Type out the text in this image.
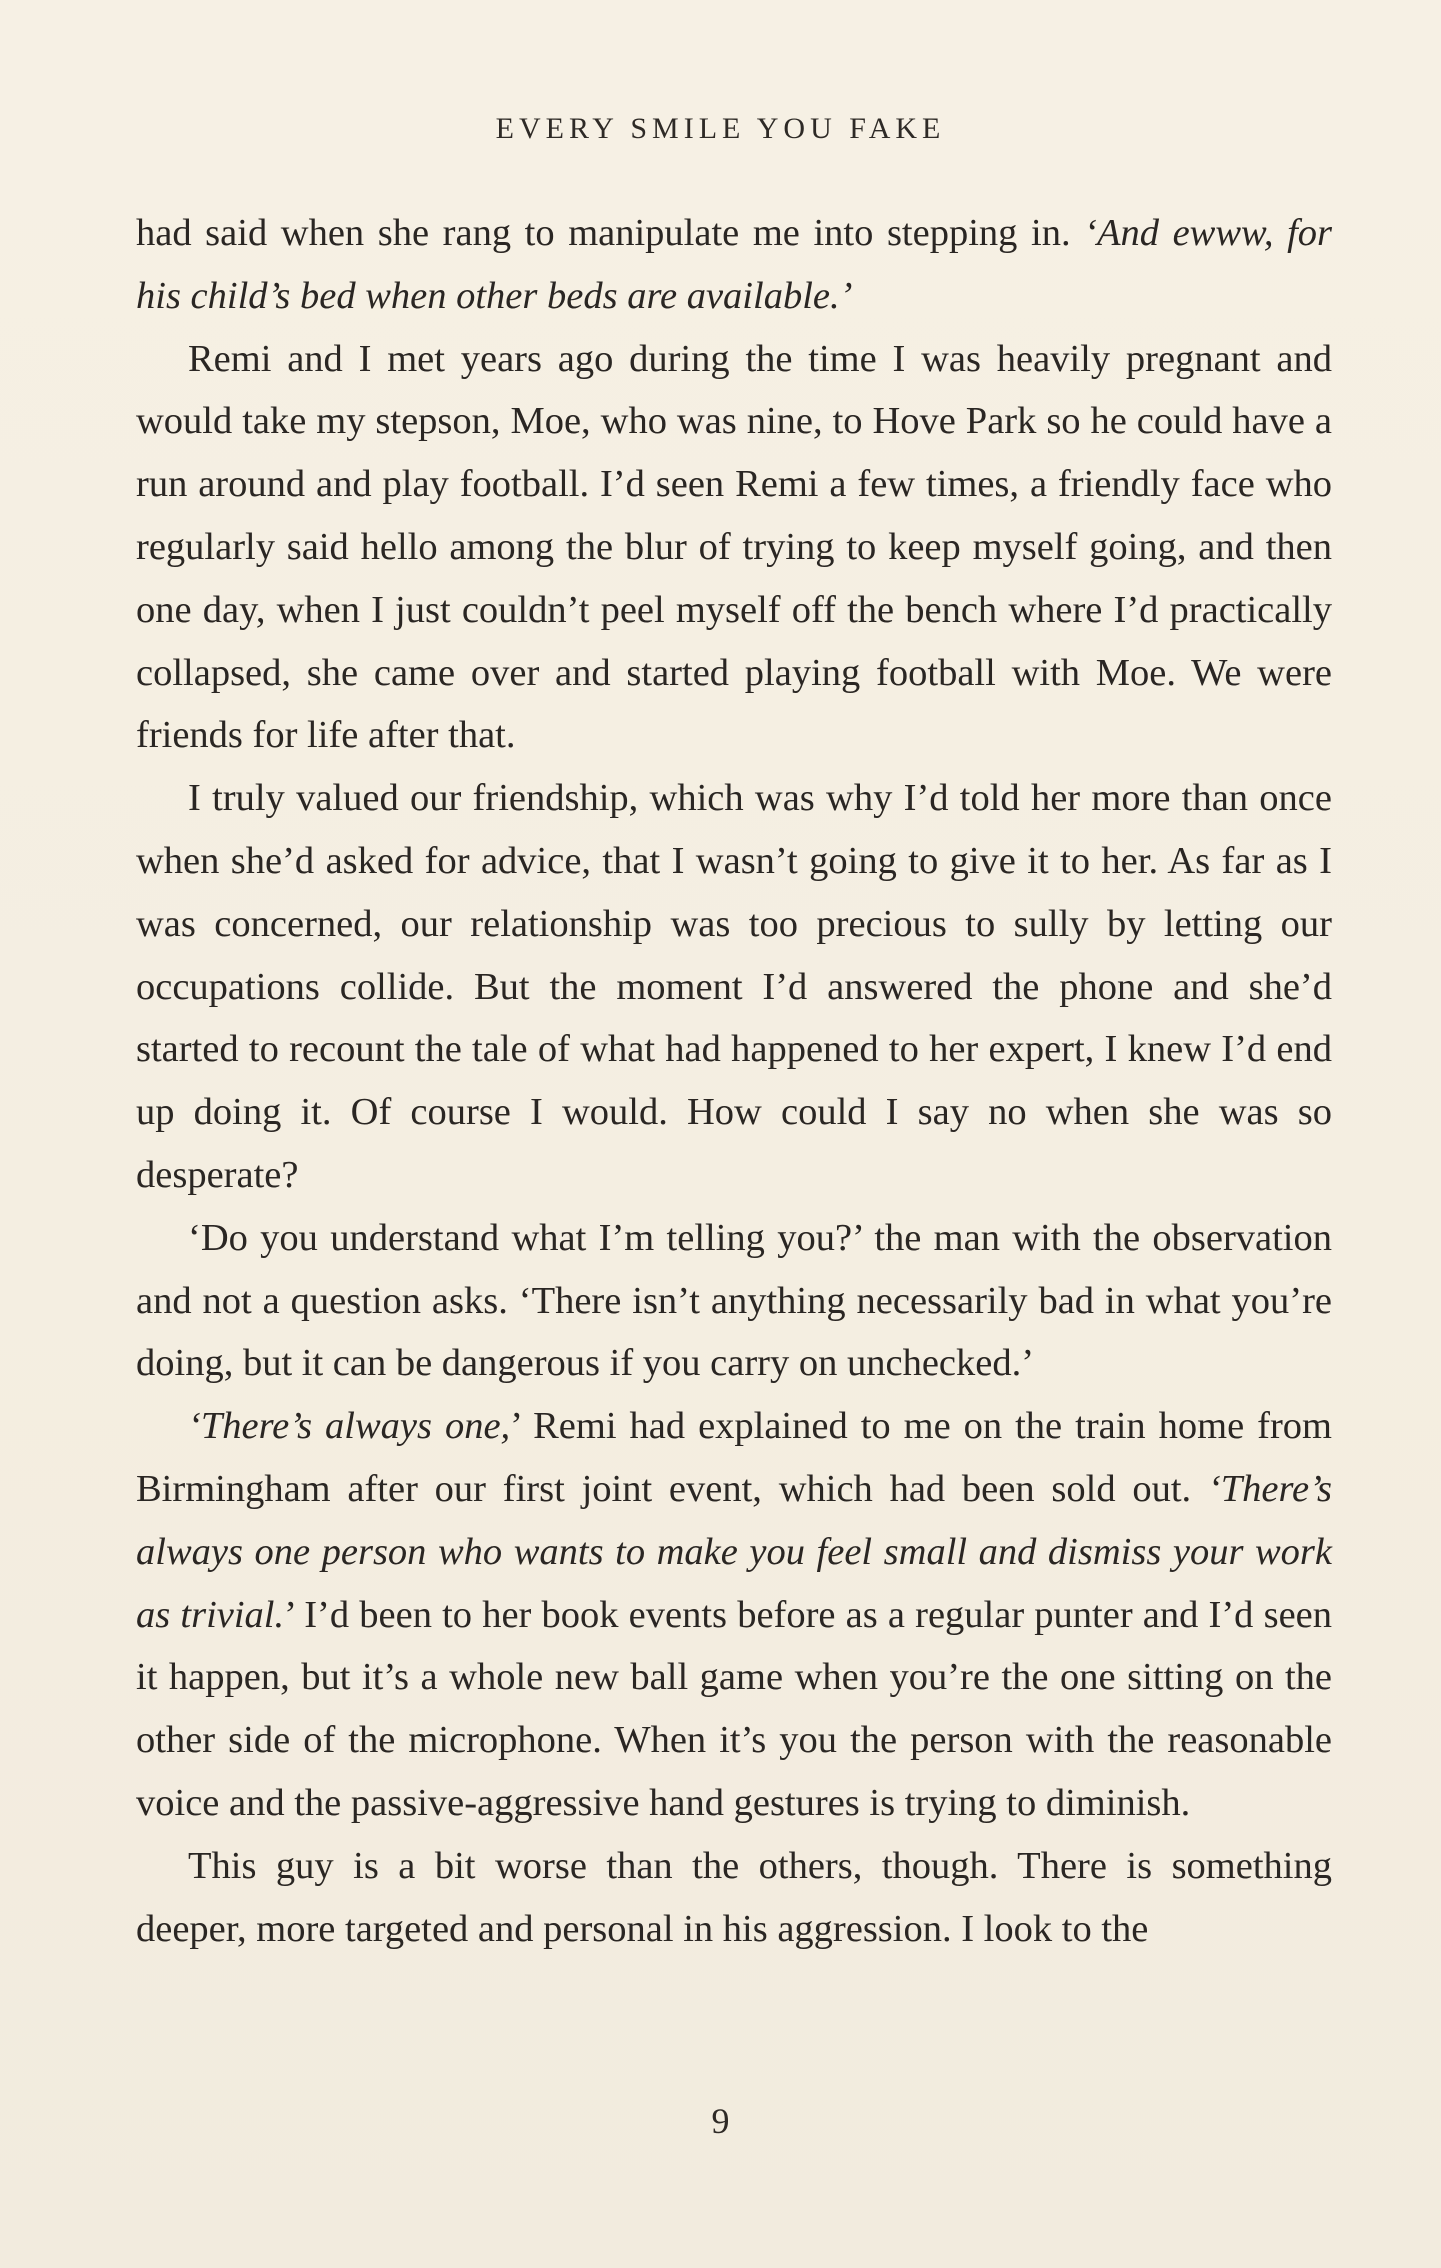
EVERY SMILE YOU FAKE

had said when she rang to manipulate me into stepping in. ‘And ewww, for his child’s bed when other beds are available.’

Remi and I met years ago during the time I was heavily pregnant and would take my stepson, Moe, who was nine, to Hove Park so he could have a run around and play football. I’d seen Remi a few times, a friendly face who regularly said hello among the blur of trying to keep myself going, and then one day, when I just couldn’t peel myself off the bench where I’d practically collapsed, she came over and started playing football with Moe. We were friends for life after that.

I truly valued our friendship, which was why I’d told her more than once when she’d asked for advice, that I wasn’t going to give it to her. As far as I was concerned, our relationship was too precious to sully by letting our occupations collide. But the moment I’d answered the phone and she’d started to recount the tale of what had happened to her expert, I knew I’d end up doing it. Of course I would. How could I say no when she was so desperate?

‘Do you understand what I’m telling you?’ the man with the observation and not a question asks. ‘There isn’t anything necessarily bad in what you’re doing, but it can be dangerous if you carry on unchecked.’

‘There’s always one,’ Remi had explained to me on the train home from Birmingham after our first joint event, which had been sold out. ‘There’s always one person who wants to make you feel small and dismiss your work as trivial.’ I’d been to her book events before as a regular punter and I’d seen it happen, but it’s a whole new ball game when you’re the one sitting on the other side of the microphone. When it’s you the person with the reasonable voice and the passive-aggressive hand gestures is trying to diminish.

This guy is a bit worse than the others, though. There is something deeper, more targeted and personal in his aggression. I look to the

9
